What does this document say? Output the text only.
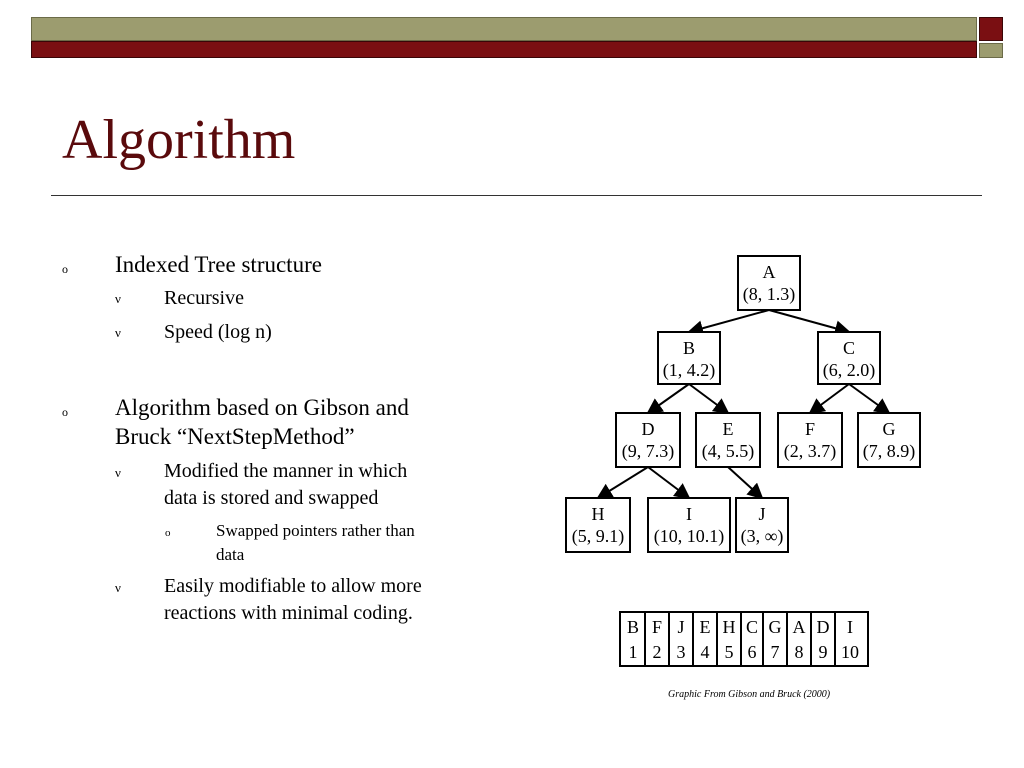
Algorithm
o Indexed Tree structure
ν Recursive
ν Speed (log n)
o Algorithm based on Gibson and
Bruck “NextStepMethod”
ν Modified the manner in which
data is stored and swapped
o	Swapped pointers rather than
data
ν Easily modifiable to allow more
reactions with minimal coding.
A
(8, 1.3)
B
(1, 4.2)
C
(6, 2.0)
D
(9, 7.3)
E
(4, 5.5)
F
(2, 3.7)
G
(7, 8.9)
H
(5, 9.1)
I
(10, 10.1)
J
(3, ∞)
B
1
F
2
J
3
E
4
H
5
C
6
G
7
A
8
D
9
I
10
Graphic From Gibson and Bruck (2000)
